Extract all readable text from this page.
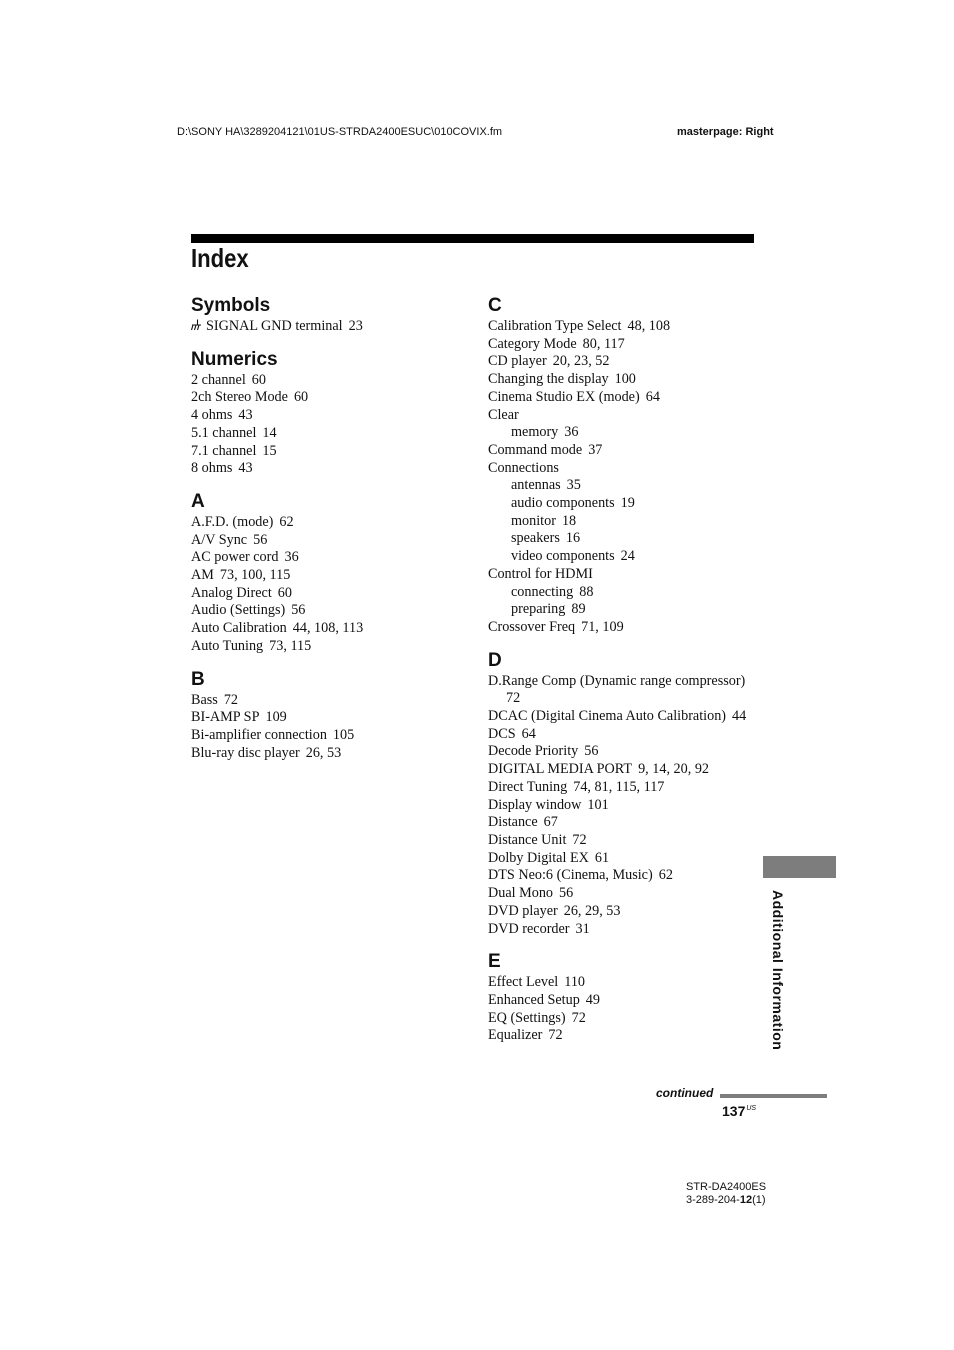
D:\SONY HA\3289204121\01US-STRDA2400ESUC\010COVIX.fm	masterpage: Right
Index
Symbols
SIGNAL GND terminal 23
Numerics
2 channel 60
2ch Stereo Mode 60
4 ohms 43
5.1 channel 14
7.1 channel 15
8 ohms 43
A
A.F.D. (mode) 62
A/V Sync 56
AC power cord 36
AM 73, 100, 115
Analog Direct 60
Audio (Settings) 56
Auto Calibration 44, 108, 113
Auto Tuning 73, 115
B
Bass 72
BI-AMP SP 109
Bi-amplifier connection 105
Blu-ray disc player 26, 53
C
Calibration Type Select 48, 108
Category Mode 80, 117
CD player 20, 23, 52
Changing the display 100
Cinema Studio EX (mode) 64
Clear
memory 36
Command mode 37
Connections
antennas 35
audio components 19
monitor 18
speakers 16
video components 24
Control for HDMI
connecting 88
preparing 89
Crossover Freq 71, 109
D
D.Range Comp (Dynamic range compressor)
72
DCAC (Digital Cinema Auto Calibration) 44
DCS 64
Decode Priority 56
DIGITAL MEDIA PORT 9, 14, 20, 92
Direct Tuning 74, 81, 115, 117
Display window 101
Distance 67
Distance Unit 72
Dolby Digital EX 61
DTS Neo:6 (Cinema, Music) 62
Dual Mono 56
DVD player 26, 29, 53
DVD recorder 31
E
Effect Level 110
Enhanced Setup 49
EQ (Settings) 72
Equalizer 72	Additional Information
continued
$137^{US}$
STR-DA2400ES
3-289-204-12(1)
